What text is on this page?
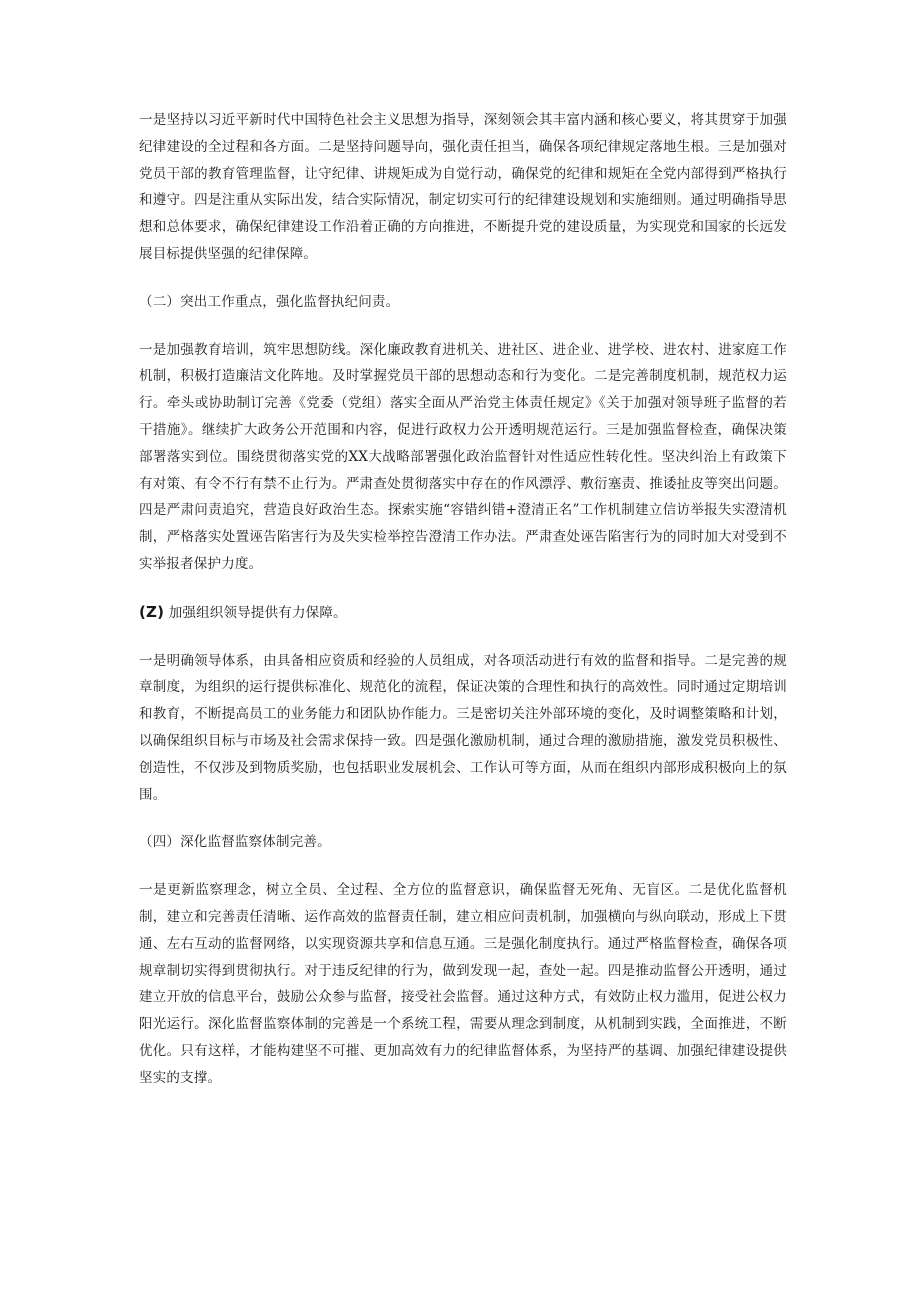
一是坚持以习近平新时代中国特色社会主义思想为指导，深刻领会其丰富内涵和核心要义，将其贯穿于加强纪律建设的全过程和各方面。二是坚持问题导向，强化责任担当，确保各项纪律规定落地生根。三是加强对党员干部的教育管理监督，让守纪律、讲规矩成为自觉行动，确保党的纪律和规矩在全党内部得到严格执行和遵守。四是注重从实际出发，结合实际情况，制定切实可行的纪律建设规划和实施细则。通过明确指导思想和总体要求，确保纪律建设工作沿着正确的方向推进，不断提升党的建设质量，为实现党和国家的长远发展目标提供坚强的纪律保障。

（二）突出工作重点，强化监督执纪问责。

一是加强教育培训，筑牢思想防线。深化廉政教育进机关、进社区、进企业、进学校、进农村、进家庭工作机制，积极打造廉洁文化阵地。及时掌握党员干部的思想动态和行为变化。二是完善制度机制，规范权力运行。牵头或协助制订完善《党委（党组）落实全面从严治党主体责任规定》《关于加强对领导班子监督的若干措施》。继续扩大政务公开范围和内容，促进行政权力公开透明规范运行。三是加强监督检查，确保决策部署落实到位。围绕贯彻落实党的XX大战略部署强化政治监督针对性适应性转化性。坚决纠治上有政策下有对策、有令不行有禁不止行为。严肃查处贯彻落实中存在的作风漂浮、敷衍塞责、推诿扯皮等突出问题。四是严肃问责追究，营造良好政治生态。探索实施“容错纠错+澄清正名”工作机制建立信访举报失实澄清机制，严格落实处置诬告陷害行为及失实检举控告澄清工作办法。严肃查处诬告陷害行为的同时加大对受到不实举报者保护力度。

(Z) 加强组织领导提供有力保障。

一是明确领导体系，由具备相应资质和经验的人员组成，对各项活动进行有效的监督和指导。二是完善的规章制度，为组织的运行提供标准化、规范化的流程，保证决策的合理性和执行的高效性。同时通过定期培训和教育，不断提高员工的业务能力和团队协作能力。三是密切关注外部环境的变化，及时调整策略和计划，以确保组织目标与市场及社会需求保持一致。四是强化激励机制，通过合理的激励措施，激发党员积极性、创造性，不仅涉及到物质奖励，也包括职业发展机会、工作认可等方面，从而在组织内部形成积极向上的氛围。

（四）深化监督监察体制完善。

一是更新监察理念，树立全员、全过程、全方位的监督意识，确保监督无死角、无盲区。二是优化监督机制，建立和完善责任清晰、运作高效的监督责任制，建立相应问责机制，加强横向与纵向联动，形成上下贯通、左右互动的监督网络，以实现资源共享和信息互通。三是强化制度执行。通过严格监督检查，确保各项规章制切实得到贯彻执行。对于违反纪律的行为，做到发现一起，查处一起。四是推动监督公开透明，通过建立开放的信息平台，鼓励公众参与监督，接受社会监督。通过这种方式，有效防止权力滥用，促进公权力阳光运行。深化监督监察体制的完善是一个系统工程，需要从理念到制度，从机制到实践，全面推进，不断优化。只有这样，才能构建坚不可摧、更加高效有力的纪律监督体系，为坚持严的基调、加强纪律建设提供坚实的支撑。
